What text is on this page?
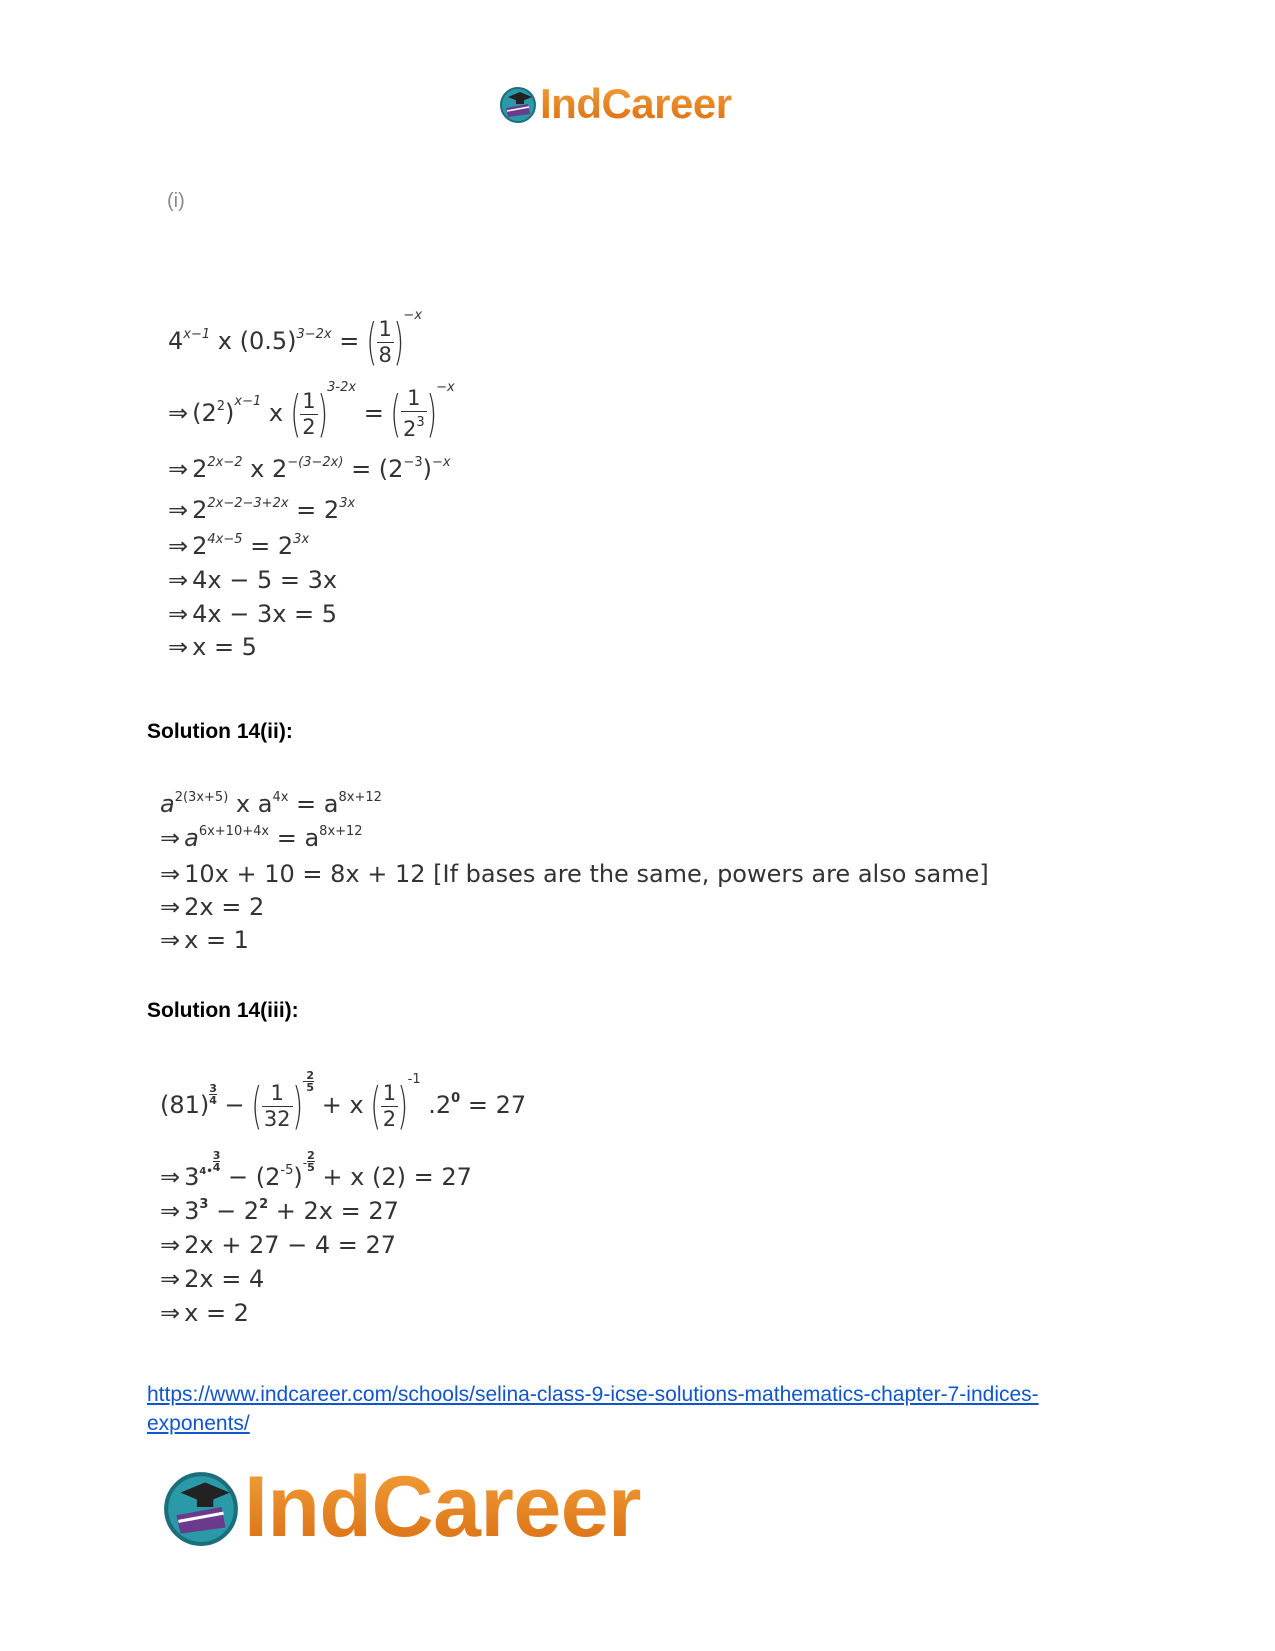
IndCareer
(i)
$4^{x-1}$ x $(0.5)^{3-2x}$ = ( $\frac{1}{8} )^{-x}$
⇒ $(2^2)^{x-1}$ x ( $\frac{1}{2} )^{3-2x}$ = ( $\frac{1}{2^3} )^{-x}$
⇒ $2^{2x-2}$ x $2^{-(3-2x)} = (2^{-3})^{-x}$
⇒ $2^{2x-2-3+2x} = 2^{3x}$
⇒ $2^{4x-5} = 2^{3x}$
⇒ 4x − 5 = 3x
⇒ 4x − 3x = 5
⇒ x = 5
Solution 14(ii):
$a^{2(3x+5)}$ x $a^{4x} = a^{8x+12}$
⇒ $a^{6x+10+4x} = a^{8x+12}$
⇒ 10x + 10 = 8x + 12 [If bases are the same, powers are also same]
⇒ 2x = 2
⇒ x = 1
Solution 14(iii):
$(81) \frac{3}{4}$ − ( $\frac{1}{32} )^- \frac{2}{5}$
+ x ( $\frac{1}{2} )^{-1}$ $.2^0 = 27$
⇒ $3^{4•} \frac{3}{4}$
− $(2^{-5})^- \frac{2}{5}$
+ x (2) = 27
⇒ $3^3 - 2^2 + 2x = 27$
⇒ 2x + 27 − 4 = 27
⇒ 2x = 4
⇒ x = 2
https://www.indcareer.com/schools/selina-class-9-icse-solutions-mathematics-chapter-7-indices-exponents/
IndCareer
